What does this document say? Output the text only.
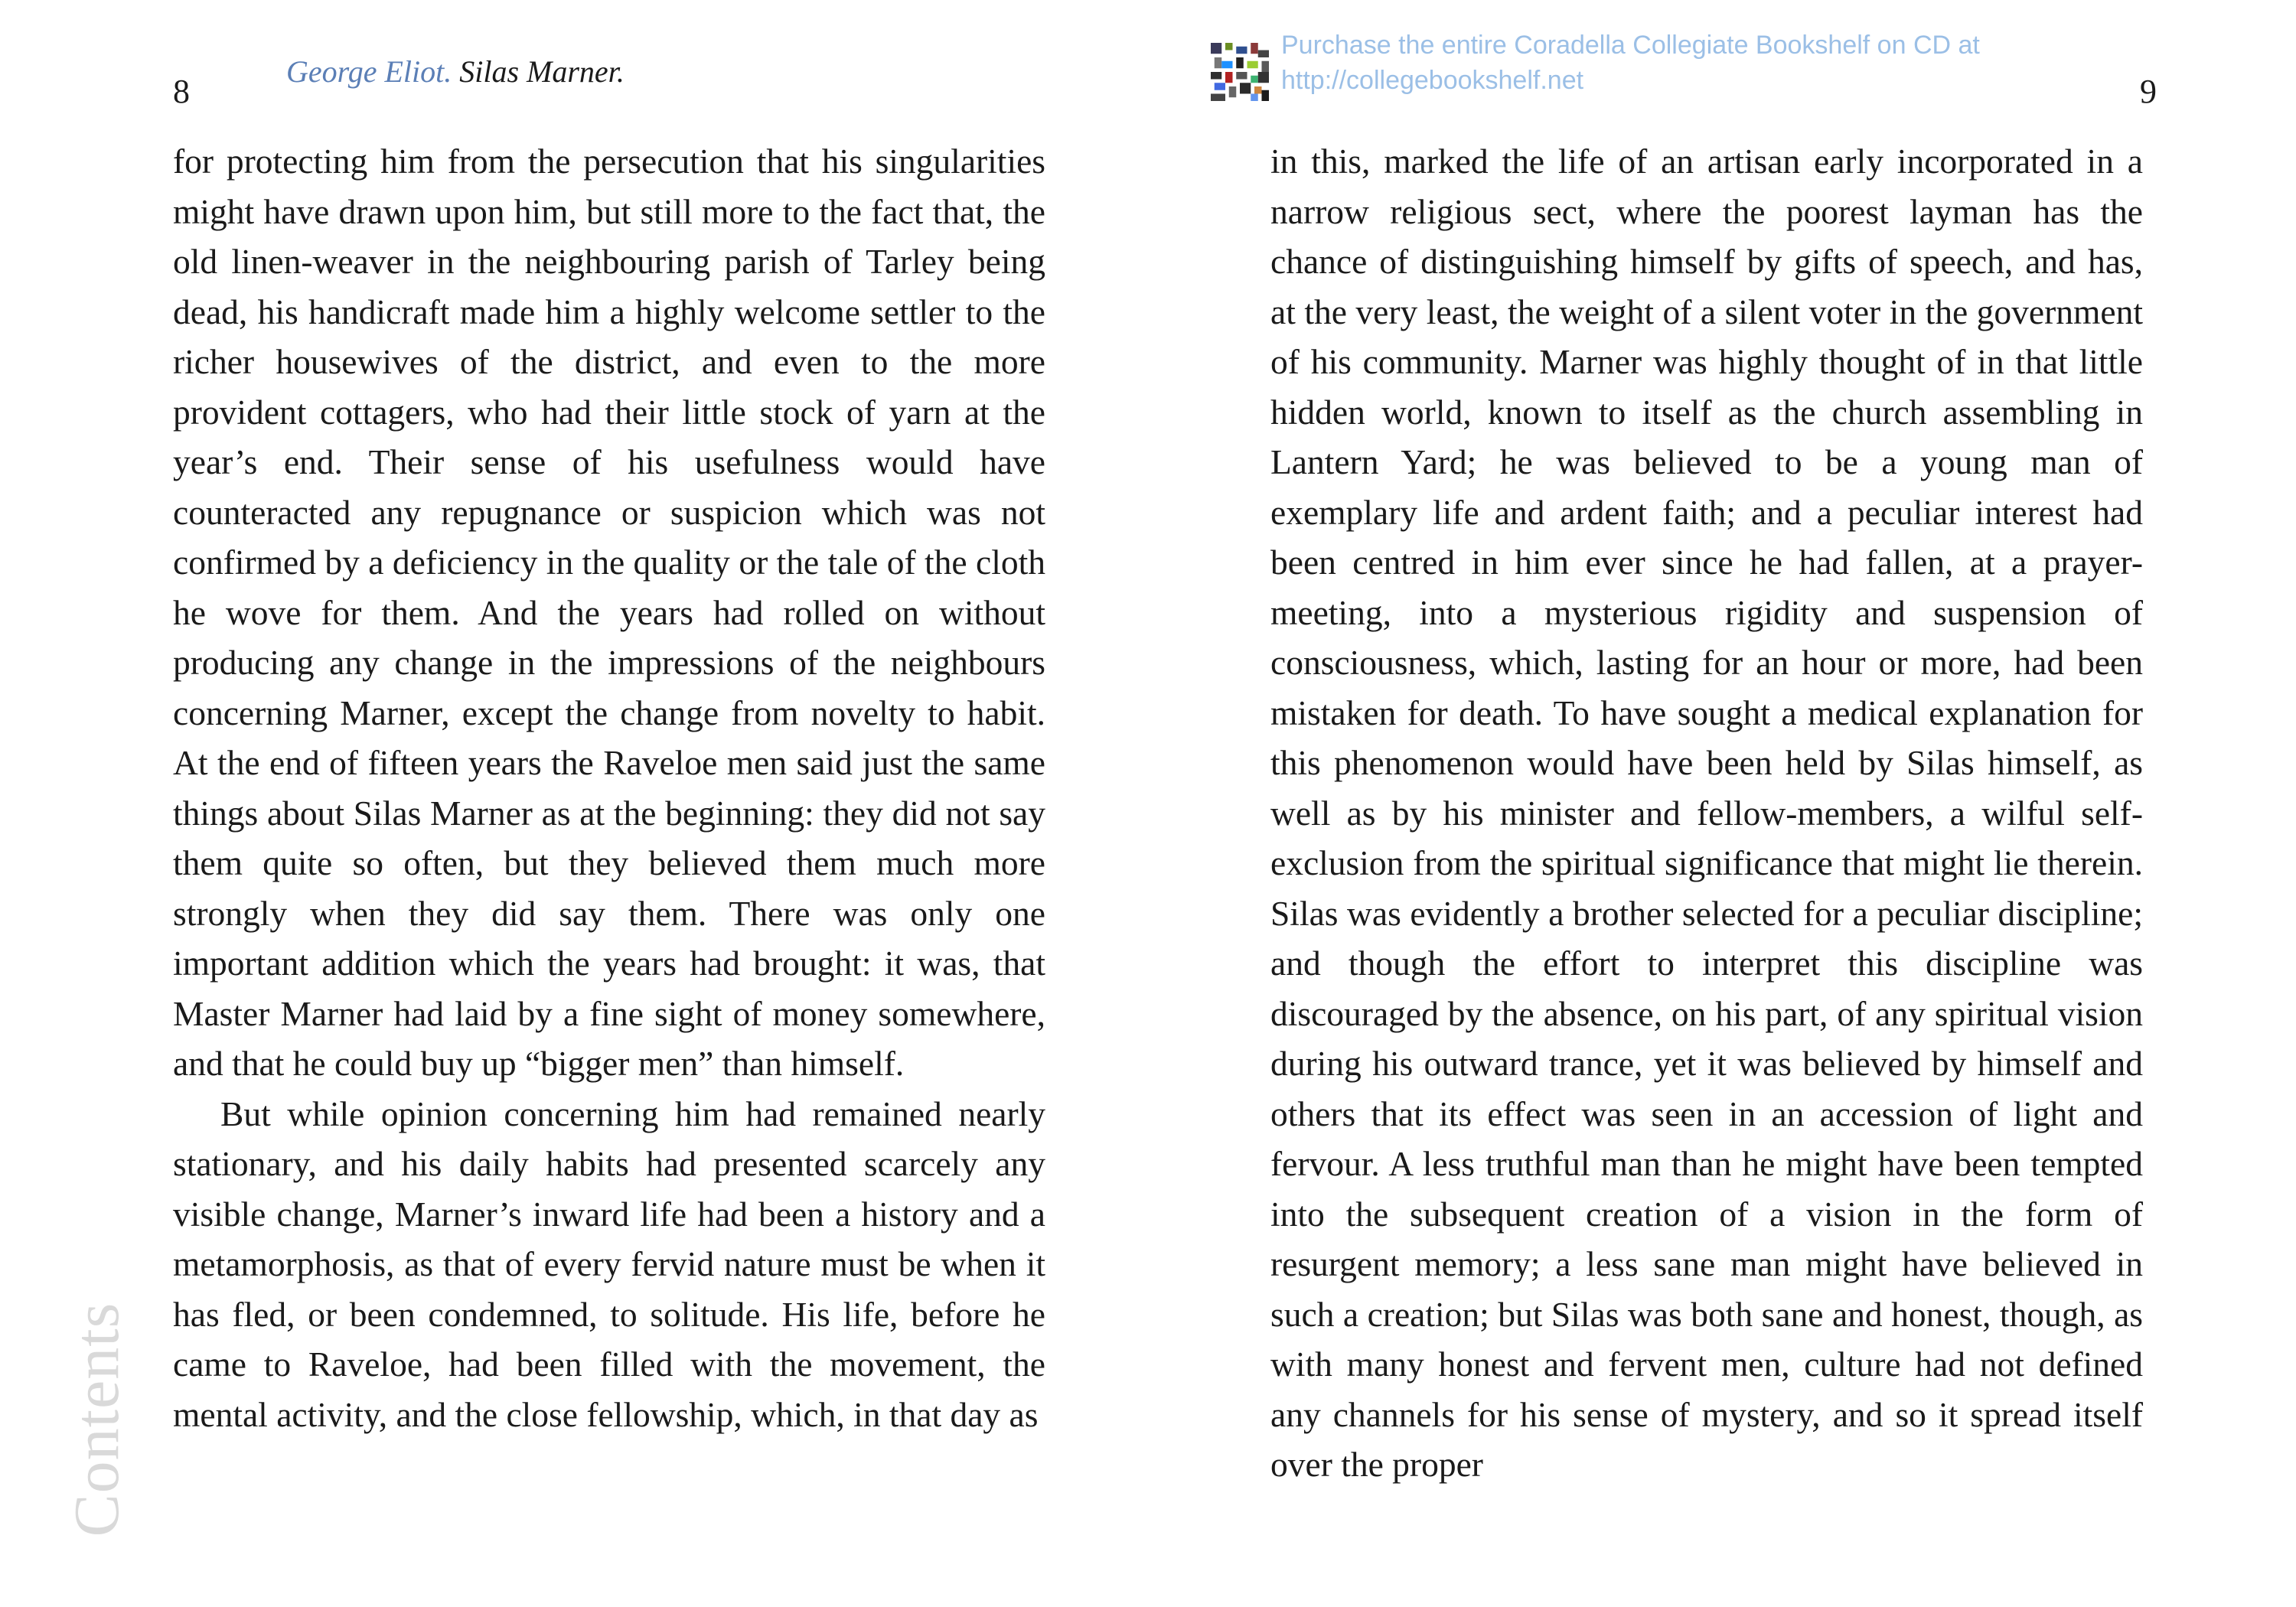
8
George Eliot. Silas Marner.

for protecting him from the persecution that his singularities might have drawn upon him, but still more to the fact that, the old linen-weaver in the neighbouring parish of Tarley being dead, his handicraft made him a highly welcome settler to the richer housewives of the district, and even to the more provident cottagers, who had their little stock of yarn at the year’s end. Their sense of his usefulness would have counteracted any repugnance or suspicion which was not confirmed by a deficiency in the quality or the tale of the cloth he wove for them. And the years had rolled on without producing any change in the impressions of the neighbours concerning Marner, except the change from novelty to habit. At the end of fifteen years the Raveloe men said just the same things about Silas Marner as at the beginning: they did not say them quite so often, but they believed them much more strongly when they did say them. There was only one important addition which the years had brought: it was, that Master Marner had laid by a fine sight of money somewhere, and that he could buy up “bigger men” than himself.

But while opinion concerning him had remained nearly stationary, and his daily habits had presented scarcely any visible change, Marner’s inward life had been a history and a metamorphosis, as that of every fervid nature must be when it has fled, or been condemned, to solitude. His life, before he came to Raveloe, had been filled with the movement, the mental activity, and the close fellowship, which, in that day as

Contents
Purchase the entire Coradella Collegiate Bookshelf on CD at
http://collegebookshelf.net	9

in this, marked the life of an artisan early incorporated in a narrow religious sect, where the poorest layman has the chance of distinguishing himself by gifts of speech, and has, at the very least, the weight of a silent voter in the government of his community. Marner was highly thought of in that little hidden world, known to itself as the church assembling in Lantern Yard; he was believed to be a young man of exemplary life and ardent faith; and a peculiar interest had been centred in him ever since he had fallen, at a prayer-meeting, into a mysterious rigidity and suspension of consciousness, which, lasting for an hour or more, had been mistaken for death. To have sought a medical explanation for this phenomenon would have been held by Silas himself, as well as by his minister and fellow-members, a wilful self-exclusion from the spiritual significance that might lie therein. Silas was evidently a brother selected for a peculiar discipline; and though the effort to interpret this discipline was discouraged by the absence, on his part, of any spiritual vision during his outward trance, yet it was believed by himself and others that its effect was seen in an accession of light and fervour. A less truthful man than he might have been tempted into the subsequent creation of a vision in the form of resurgent memory; a less sane man might have believed in such a creation; but Silas was both sane and honest, though, as with many honest and fervent men, culture had not defined any channels for his sense of mystery, and so it spread itself over the proper
